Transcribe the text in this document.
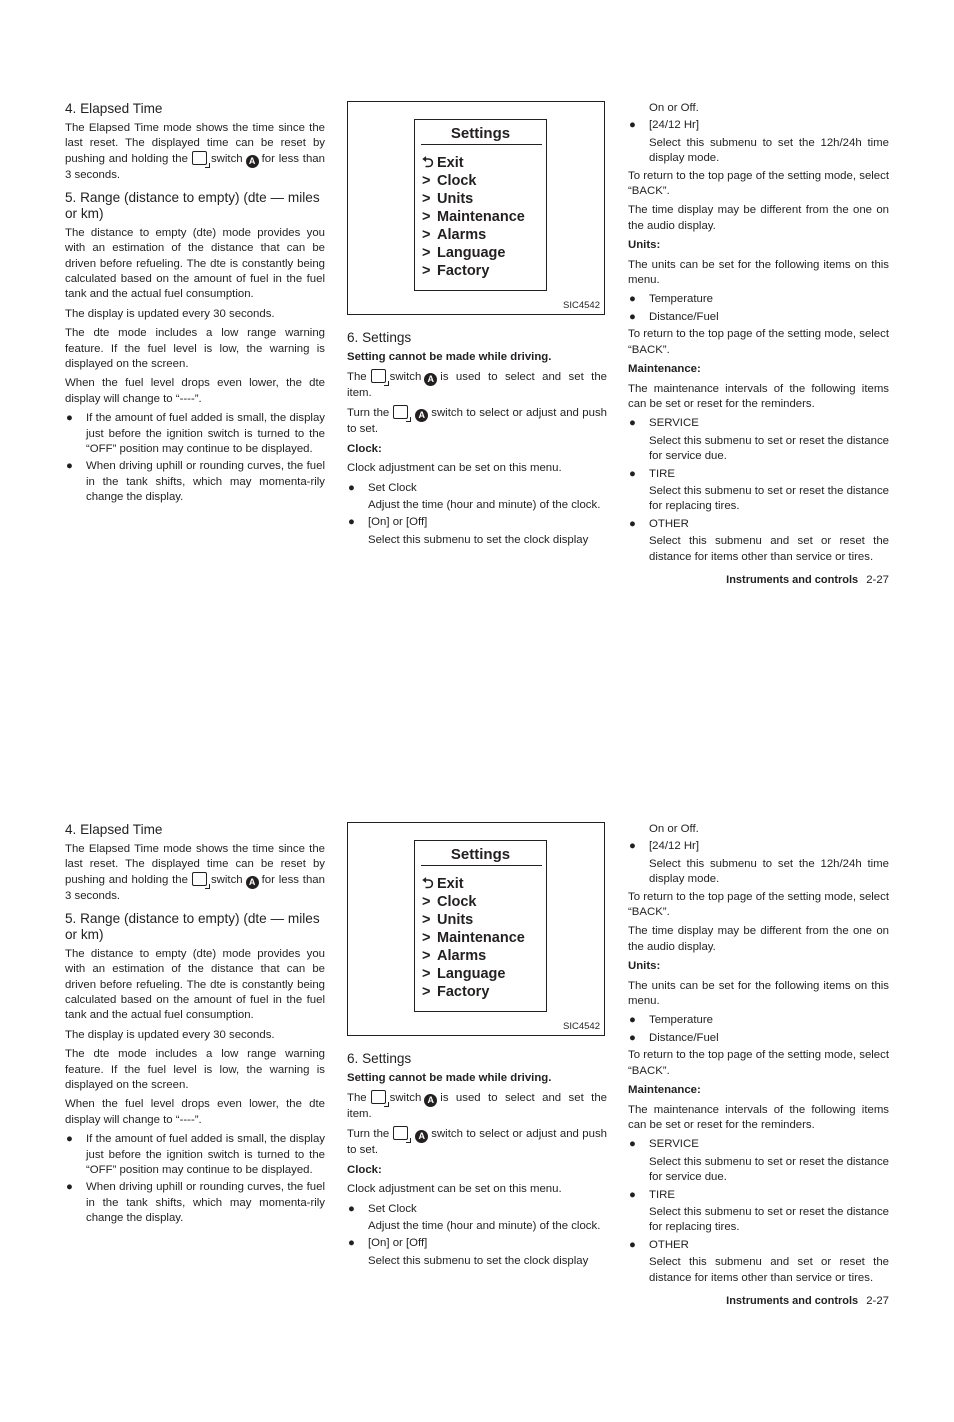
4. Elapsed Time

The Elapsed Time mode shows the time since the last reset. The displayed time can be reset by pushing and holding the switch A for less than 3 seconds.

5. Range (distance to empty) (dte — miles or km)

The distance to empty (dte) mode provides you with an estimation of the distance that can be driven before refueling. The dte is constantly being calculated based on the amount of fuel in the fuel tank and the actual fuel consumption.

The display is updated every 30 seconds.

The dte mode includes a low range warning feature. If the fuel level is low, the warning is displayed on the screen.

When the fuel level drops even lower, the dte display will change to “----”.

● If the amount of fuel added is small, the display just before the ignition switch is turned to the “OFF” position may continue to be displayed.
● When driving uphill or rounding curves, the fuel in the tank shifts, which may momenta-rily change the display.
Settings
⮌ Exit
> Clock
> Units
> Maintenance
> Alarms
> Language
> Factory
SIC4542
6. Settings

Setting cannot be made while driving.

The switch A is used to select and set the item.

Turn the	A switch to select or adjust and push to set.

Clock:

Clock adjustment can be set on this menu.

● Set Clock
Adjust the time (hour and minute) of the clock.
● [On] or [Off]
Select this submenu to set the clock display
On or Off.
● [24/12 Hr]
Select this submenu to set the 12h/24h time display mode.

To return to the top page of the setting mode, select “BACK”.

The time display may be different from the one on the audio display.

Units:

The units can be set for the following items on this menu.

● Temperature
● Distance/Fuel

To return to the top page of the setting mode, select “BACK”.

Maintenance:

The maintenance intervals of the following items can be set or reset for the reminders.

● SERVICE
Select this submenu to set or reset the distance for service due.
● TIRE
Select this submenu to set or reset the distance for replacing tires.
● OTHER
Select this submenu and set or reset the distance for items other than service or tires.
Instruments and controls 2-27
4. Elapsed Time

The Elapsed Time mode shows the time since the last reset. The displayed time can be reset by pushing and holding the switch A for less than 3 seconds.

5. Range (distance to empty) (dte — miles or km)

The distance to empty (dte) mode provides you with an estimation of the distance that can be driven before refueling. The dte is constantly being calculated based on the amount of fuel in the fuel tank and the actual fuel consumption.

The display is updated every 30 seconds.

The dte mode includes a low range warning feature. If the fuel level is low, the warning is displayed on the screen.

When the fuel level drops even lower, the dte display will change to “----”.

● If the amount of fuel added is small, the display just before the ignition switch is turned to the “OFF” position may continue to be displayed.
● When driving uphill or rounding curves, the fuel in the tank shifts, which may momenta-rily change the display.
Settings
⮌ Exit
> Clock
> Units
> Maintenance
> Alarms
> Language
> Factory
SIC4542
6. Settings

Setting cannot be made while driving.

The switch A is used to select and set the item.

Turn the	A switch to select or adjust and push to set.

Clock:

Clock adjustment can be set on this menu.

● Set Clock
Adjust the time (hour and minute) of the clock.
● [On] or [Off]
Select this submenu to set the clock display
On or Off.
● [24/12 Hr]
Select this submenu to set the 12h/24h time display mode.

To return to the top page of the setting mode, select “BACK”.

The time display may be different from the one on the audio display.

Units:

The units can be set for the following items on this menu.

● Temperature
● Distance/Fuel

To return to the top page of the setting mode, select “BACK”.

Maintenance:

The maintenance intervals of the following items can be set or reset for the reminders.

● SERVICE
Select this submenu to set or reset the distance for service due.
● TIRE
Select this submenu to set or reset the distance for replacing tires.
● OTHER
Select this submenu and set or reset the distance for items other than service or tires.
Instruments and controls 2-27
